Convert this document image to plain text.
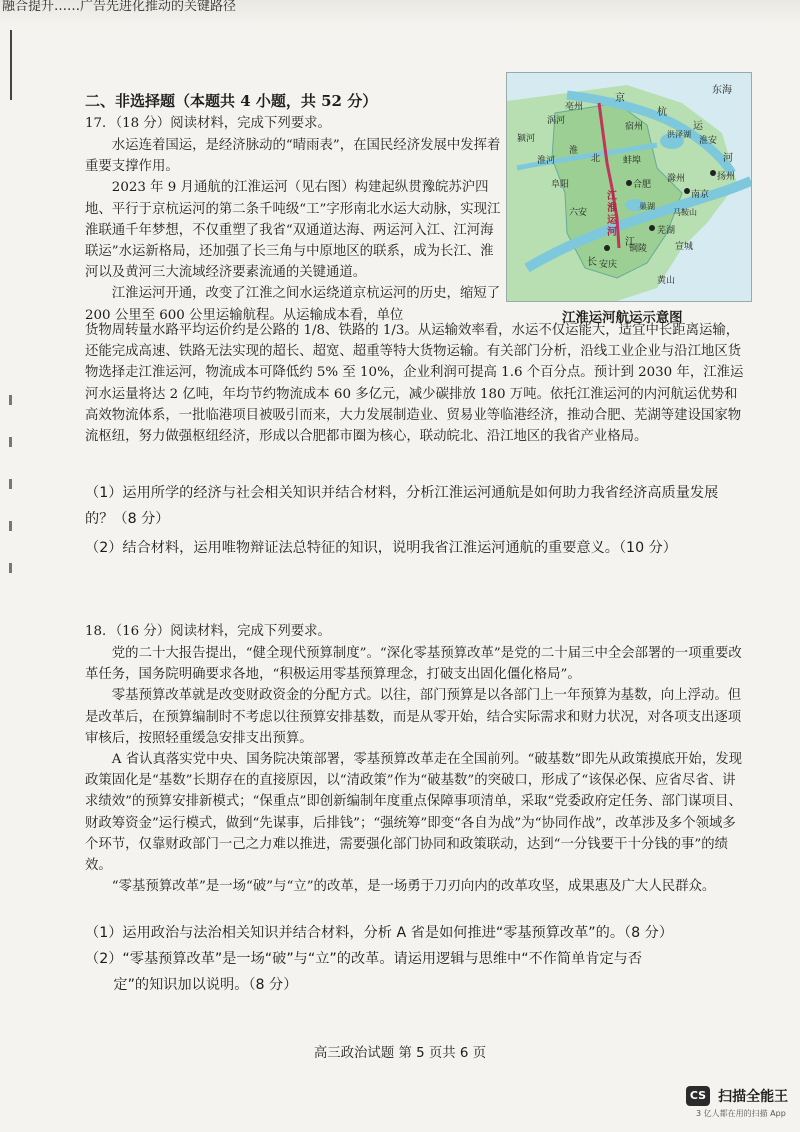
融合提升……广告先进化推动的关键路径
二、非选择题（本题共 4 小题，共 52 分）
17．（18 分）阅读材料，完成下列要求。

水运连着国运，是经济脉动的“晴雨表”，在国民经济发展中发挥着重要支撑作用。

2023 年 9 月通航的江淮运河（见右图）构建起纵贯豫皖苏沪四地、平行于京杭运河的第二条千吨级“工”字形南北水运大动脉，实现江淮联通千年梦想，不仅重塑了我省“双通道达海、两运河入江、江河海联运”水运新格局，还加强了长三角与中原地区的联系，成为长江、淮河以及黄河三大流域经济要素流通的关键通道。

江淮运河开通，改变了江淮之间水运绕道京杭运河的历史，缩短了 200 公里至 600 公里运输航程。从运输成本看，单位

东海
京
杭
运
河
长
江
淮河
颍河
涡河
淮
北
宿州
蚌埠
洪泽湖
淮安
扬州
南京
滁州
合肥
巢湖
芜湖
马鞍山
铜陵	宣城
黄山
安庆
六安
阜阳
亳州
江淮运河
江淮运河航运示意图

货物周转量水路平均运价约是公路的 1/8、铁路的 1/3。从运输效率看，水运不仅运能大，适宜中长距离运输，还能完成高速、铁路无法实现的超长、超宽、超重等特大货物运输。有关部门分析，沿线工业企业与沿江地区货物选择走江淮运河，物流成本可降低约 5% 至 10%，企业利润可提高 1.6 个百分点。预计到 2030 年，江淮运河水运量将达 2 亿吨，年均节约物流成本 60 多亿元，减少碳排放 180 万吨。依托江淮运河的内河航运优势和高效物流体系，一批临港项目被吸引而来，大力发展制造业、贸易业等临港经济，推动合肥、芜湖等建设国家物流枢纽，努力做强枢纽经济，形成以合肥都市圈为核心，联动皖北、沿江地区的我省产业格局。

（1）运用所学的经济与社会相关知识并结合材料，分析江淮运河通航是如何助力我省经济高质量发展的？（8 分）
（2）结合材料，运用唯物辩证法总特征的知识，说明我省江淮运河通航的重要意义。（10 分）
18．（16 分）阅读材料，完成下列要求。

党的二十大报告提出，“健全现代预算制度”。“深化零基预算改革”是党的二十届三中全会部署的一项重要改革任务，国务院明确要求各地，“积极运用零基预算理念，打破支出固化僵化格局”。

零基预算改革就是改变财政资金的分配方式。以往，部门预算是以各部门上一年预算为基数，向上浮动。但是改革后，在预算编制时不考虑以往预算安排基数，而是从零开始，结合实际需求和财力状况，对各项支出逐项审核后，按照轻重缓急安排支出预算。

A 省认真落实党中央、国务院决策部署，零基预算改革走在全国前列。“破基数”即先从政策摸底开始，发现政策固化是“基数”长期存在的直接原因，以“清政策”作为“破基数”的突破口，形成了“该保必保、应省尽省、讲求绩效”的预算安排新模式；“保重点”即创新编制年度重点保障事项清单，采取“党委政府定任务、部门谋项目、财政筹资金”运行模式，做到“先谋事，后排钱”；“强统筹”即变“各自为战”为“协同作战”，改革涉及多个领域多个环节，仅靠财政部门一己之力难以推进，需要强化部门协同和政策联动，达到“一分钱要干十分钱的事”的绩效。

“零基预算改革”是一场“破”与“立”的改革，是一场勇于刀刃向内的改革攻坚，成果惠及广大人民群众。

（1）运用政治与法治相关知识并结合材料，分析 A 省是如何推进“零基预算改革”的。（8 分）
（2）“零基预算改革”是一场“破”与“立”的改革。请运用逻辑与思维中“不作简单肯定与否
定”的知识加以说明。（8 分）
高三政治试题 第 5 页共 6 页
CS 扫描全能王
3 亿人都在用的扫描 App
